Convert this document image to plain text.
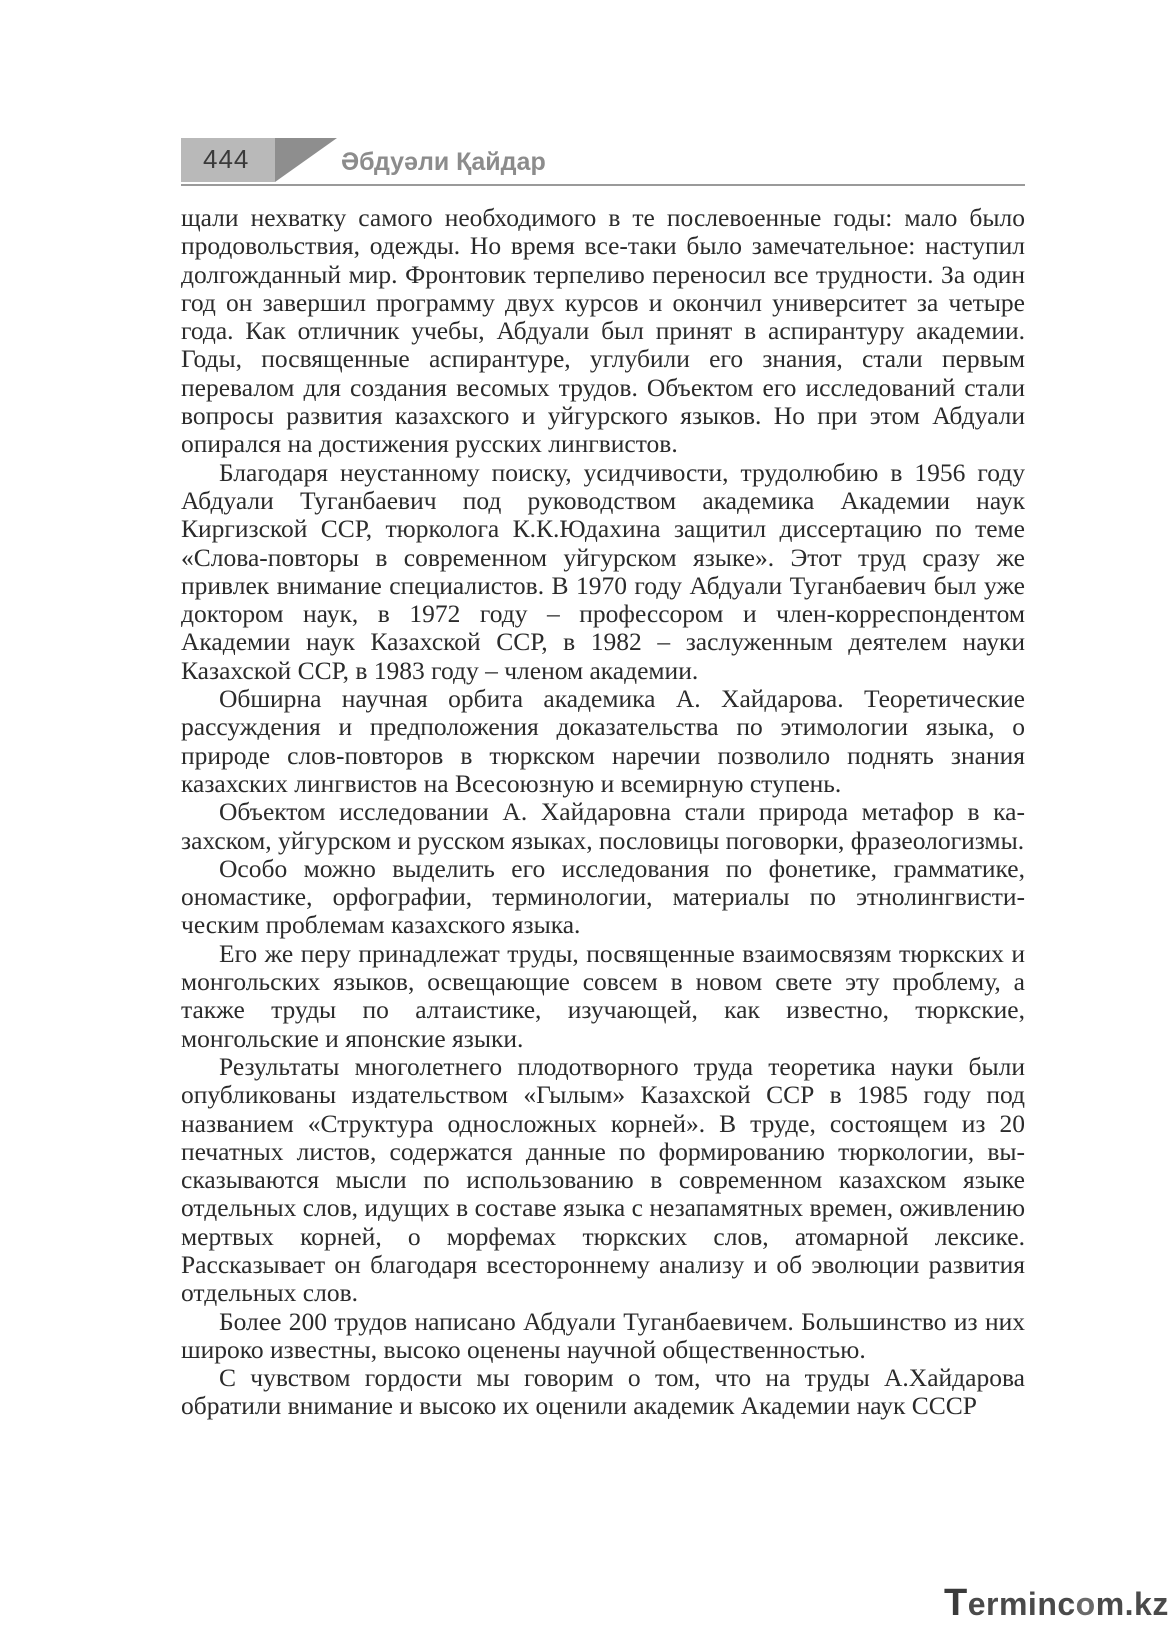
444	Әбдуәли Қайдар

щали нехватку самого необходимого в те послевоенные годы: мало было продовольствия, одежды. Но время все-таки было замечательное: наступил долгожданный мир. Фронтовик терпеливо переносил все трудности. За один год он завершил программу двух курсов и окончил университет за четыре года. Как отличник учебы, Абдуали был принят в аспирантуру академии. Годы, посвященные аспирантуре, углубили его знания, стали первым перевалом для создания весомых трудов. Объектом его исследований стали вопросы развития казахского и уйгурского языков. Но при этом Абдуали опирался на достижения русских лингвистов.

Благодаря неустанному поиску, усидчивости, трудолюбию в 1956 году Абдуали Туганбаевич под руководством академика Академии наук Киргизской ССР, тюрколога К.К.Юдахина защитил диссертацию по теме «Слова-повторы в современном уйгурском языке». Этот труд сразу же привлек внимание специалистов. В 1970 году Абдуали Туганбаевич был уже доктором наук, в 1972 году – профессором и член-корреспондентом Академии наук Казахской ССР, в 1982 – заслуженным деятелем науки Казахской ССР, в 1983 году – членом академии.

Обширна научная орбита академика А. Хайдарова. Теоретические рассуждения и предположения доказательства по этимологии языка, о природе слов-повторов в тюркском наречии позволило поднять знания казахских лингвистов на Всесоюзную и всемирную ступень.

Объектом исследовании А. Хайдаровна стали природа метафор в казахском, уйгурском и русском языках, пословицы поговорки, фразеологизмы.

Особо можно выделить его исследования по фонетике, грамматике, ономастике, орфографии, терминологии, материалы по этнолингвистическим проблемам казахского языка.

Его же перу принадлежат труды, посвященные взаимосвязям тюркских и монгольских языков, освещающие совсем в новом свете эту проблему, а также труды по алтаистике, изучающей, как известно, тюркские, монгольские и японские языки.

Результаты многолетнего плодотворного труда теоретика науки были опубликованы издательством «Гылым» Казахской ССР в 1985 году под названием «Структура односложных корней». В труде, состоящем из 20 печатных листов, содержатся данные по формированию тюркологии, высказываются мысли по использованию в современном казахском языке отдельных слов, идущих в составе языка с незапамятных времен, оживлению мертвых корней, о морфемах тюркских слов, атомарной лексике. Рассказывает он благодаря всестороннему анализу и об эволюции развития отдельных слов.

Более 200 трудов написано Абдуали Туганбаевичем. Большинство из них широко известны, высоко оценены научной общественностью.

С чувством гордости мы говорим о том, что на труды А.Хайдарова обратили внимание и высоко их оценили академик Академии наук СССР

Termincom.kz
